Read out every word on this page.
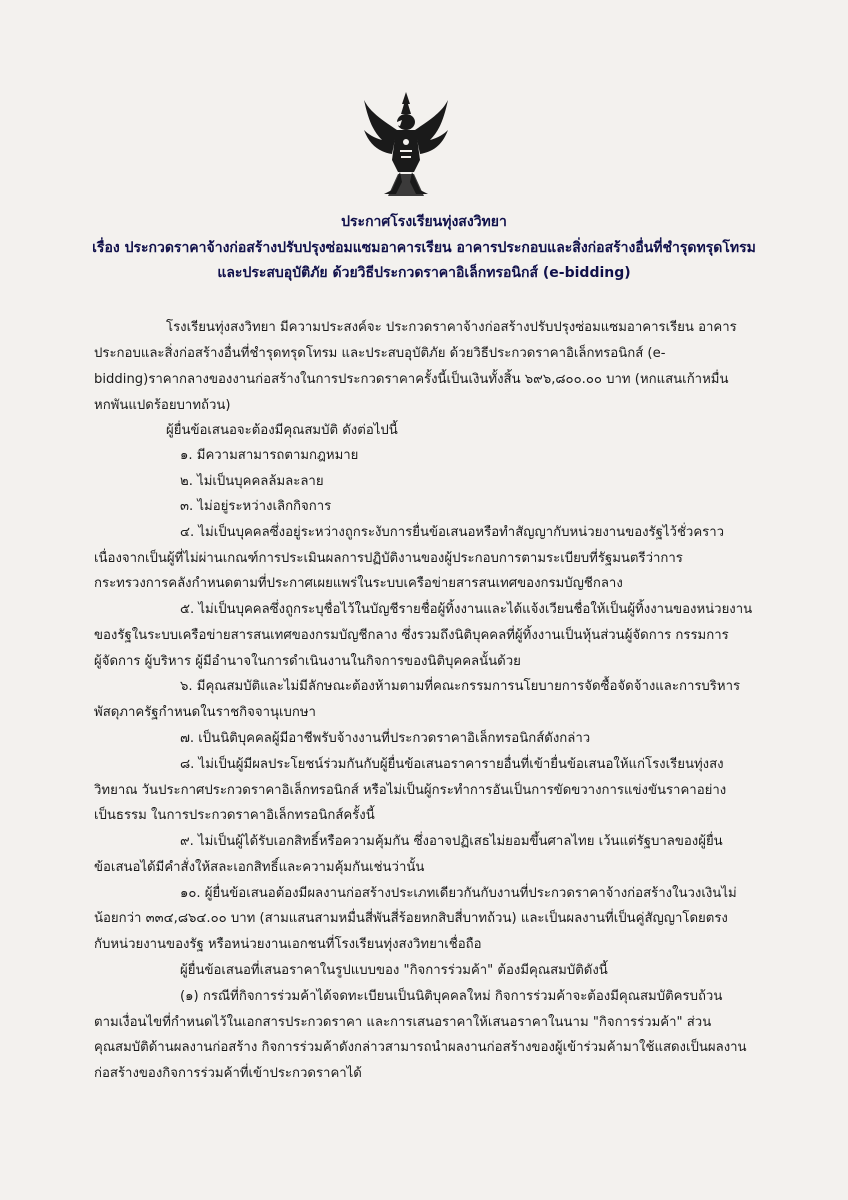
ประกาศโรงเรียนทุ่งสงวิทยา
เรื่อง ประกวดราคาจ้างก่อสร้างปรับปรุงซ่อมแซมอาคารเรียน อาคารประกอบและสิ่งก่อสร้างอื่นที่ชำรุดทรุดโทรม
และประสบอุบัติภัย ด้วยวิธีประกวดราคาอิเล็กทรอนิกส์ (e-bidding)
โรงเรียนทุ่งสงวิทยา มีความประสงค์จะ ประกวดราคาจ้างก่อสร้างปรับปรุงซ่อมแซมอาคารเรียน อาคาร
ประกอบและสิ่งก่อสร้างอื่นที่ชำรุดทรุดโทรม และประสบอุบัติภัย ด้วยวิธีประกวดราคาอิเล็กทรอนิกส์ (e-
bidding)ราคากลางของงานก่อสร้างในการประกวดราคาครั้งนี้เป็นเงินทั้งสิ้น ๖๙๖,๘๐๐.๐๐ บาท (หกแสนเก้าหมื่น
หกพันแปดร้อยบาทถ้วน)
ผู้ยื่นข้อเสนอจะต้องมีคุณสมบัติ ดังต่อไปนี้
๑. มีความสามารถตามกฎหมาย
๒. ไม่เป็นบุคคลล้มละลาย
๓. ไม่อยู่ระหว่างเลิกกิจการ
๔. ไม่เป็นบุคคลซึ่งอยู่ระหว่างถูกระงับการยื่นข้อเสนอหรือทำสัญญากับหน่วยงานของรัฐไว้ชั่วคราว
เนื่องจากเป็นผู้ที่ไม่ผ่านเกณฑ์การประเมินผลการปฏิบัติงานของผู้ประกอบการตามระเบียบที่รัฐมนตรีว่าการ
กระทรวงการคลังกำหนดตามที่ประกาศเผยแพร่ในระบบเครือข่ายสารสนเทศของกรมบัญชีกลาง
๕. ไม่เป็นบุคคลซึ่งถูกระบุชื่อไว้ในบัญชีรายชื่อผู้ทิ้งงานและได้แจ้งเวียนชื่อให้เป็นผู้ทิ้งงานของหน่วยงาน
ของรัฐในระบบเครือข่ายสารสนเทศของกรมบัญชีกลาง ซึ่งรวมถึงนิติบุคคลที่ผู้ทิ้งงานเป็นหุ้นส่วนผู้จัดการ กรรมการ
ผู้จัดการ ผู้บริหาร ผู้มีอำนาจในการดำเนินงานในกิจการของนิติบุคคลนั้นด้วย
๖. มีคุณสมบัติและไม่มีลักษณะต้องห้ามตามที่คณะกรรมการนโยบายการจัดซื้อจัดจ้างและการบริหาร
พัสดุภาครัฐกำหนดในราชกิจจานุเบกษา
๗. เป็นนิติบุคคลผู้มีอาชีพรับจ้างงานที่ประกวดราคาอิเล็กทรอนิกส์ดังกล่าว
๘. ไม่เป็นผู้มีผลประโยชน์ร่วมกันกับผู้ยื่นข้อเสนอราคารายอื่นที่เข้ายื่นข้อเสนอให้แก่โรงเรียนทุ่งสง
วิทยาณ วันประกาศประกวดราคาอิเล็กทรอนิกส์ หรือไม่เป็นผู้กระทำการอันเป็นการขัดขวางการแข่งขันราคาอย่าง
เป็นธรรม ในการประกวดราคาอิเล็กทรอนิกส์ครั้งนี้
๙. ไม่เป็นผู้ได้รับเอกสิทธิ์หรือความคุ้มกัน ซึ่งอาจปฏิเสธไม่ยอมขึ้นศาลไทย เว้นแต่รัฐบาลของผู้ยื่น
ข้อเสนอได้มีคำสั่งให้สละเอกสิทธิ์และความคุ้มกันเช่นว่านั้น
๑๐. ผู้ยื่นข้อเสนอต้องมีผลงานก่อสร้างประเภทเดียวกันกับงานที่ประกวดราคาจ้างก่อสร้างในวงเงินไม่
น้อยกว่า ๓๓๔,๘๖๔.๐๐ บาท (สามแสนสามหมื่นสี่พันสี่ร้อยหกสิบสี่บาทถ้วน) และเป็นผลงานที่เป็นคู่สัญญาโดยตรง
กับหน่วยงานของรัฐ หรือหน่วยงานเอกชนที่โรงเรียนทุ่งสงวิทยาเชื่อถือ
ผู้ยื่นข้อเสนอที่เสนอราคาในรูปแบบของ "กิจการร่วมค้า" ต้องมีคุณสมบัติดังนี้
(๑) กรณีที่กิจการร่วมค้าได้จดทะเบียนเป็นนิติบุคคลใหม่ กิจการร่วมค้าจะต้องมีคุณสมบัติครบถ้วน
ตามเงื่อนไขที่กำหนดไว้ในเอกสารประกวดราคา และการเสนอราคาให้เสนอราคาในนาม "กิจการร่วมค้า" ส่วน
คุณสมบัติด้านผลงานก่อสร้าง กิจการร่วมค้าดังกล่าวสามารถนำผลงานก่อสร้างของผู้เข้าร่วมค้ามาใช้แสดงเป็นผลงาน
ก่อสร้างของกิจการร่วมค้าที่เข้าประกวดราคาได้
